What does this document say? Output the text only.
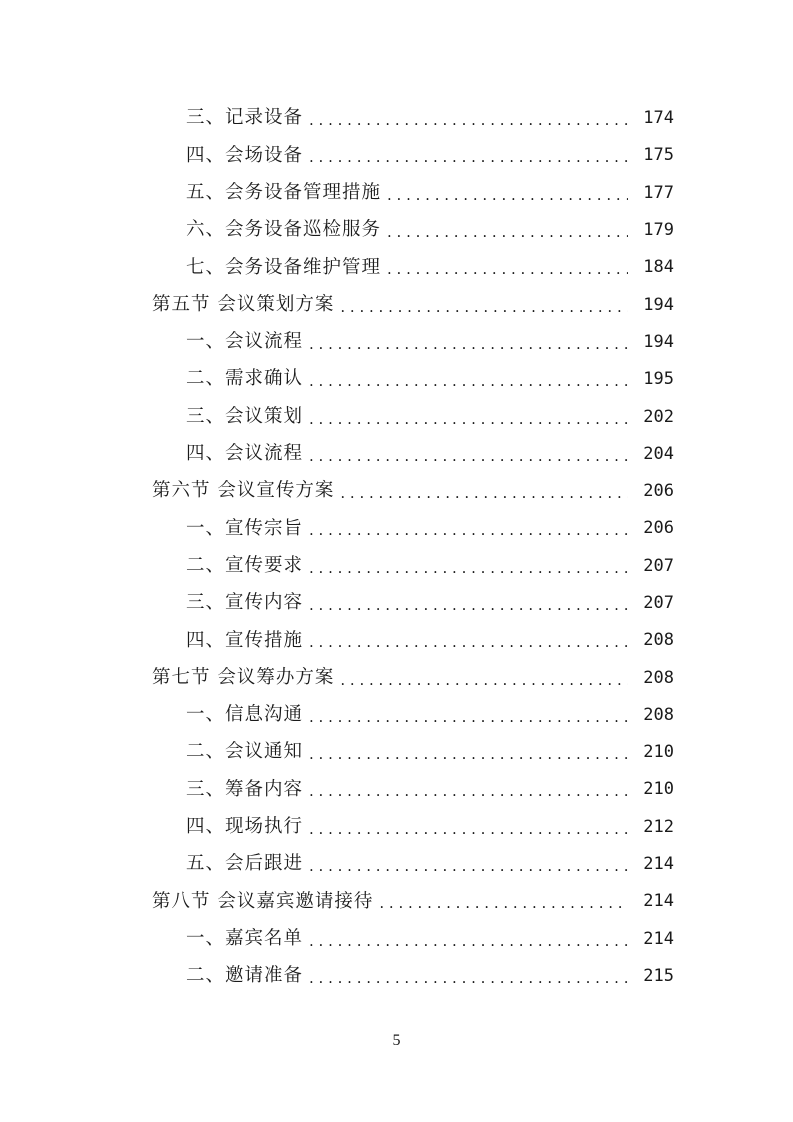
三、记录设备 . . .	174
四、会场设备 . . .	175
五、会务设备管理措施 . . .	177
六、会务设备巡检服务 . . .	179
七、会务设备维护管理 . . .	184
第五节 会议策划方案 . . .	194
一、会议流程 . . .	194
二、需求确认 . . .	195
三、会议策划 . . .	202
四、会议流程 . . .	204
第六节 会议宣传方案 . . .	206
一、宣传宗旨 . . .	206
二、宣传要求 . . .	207
三、宣传内容 . . .	207
四、宣传措施 . . .	208
第七节 会议筹办方案 . . .	208
一、信息沟通 . . .	208
二、会议通知 . . .	210
三、筹备内容 . . .	210
四、现场执行 . . .	212
五、会后跟进 . . .	214
第八节 会议嘉宾邀请接待 . . .	214
一、嘉宾名单 . . .	214
二、邀请准备 . . .	215
5
